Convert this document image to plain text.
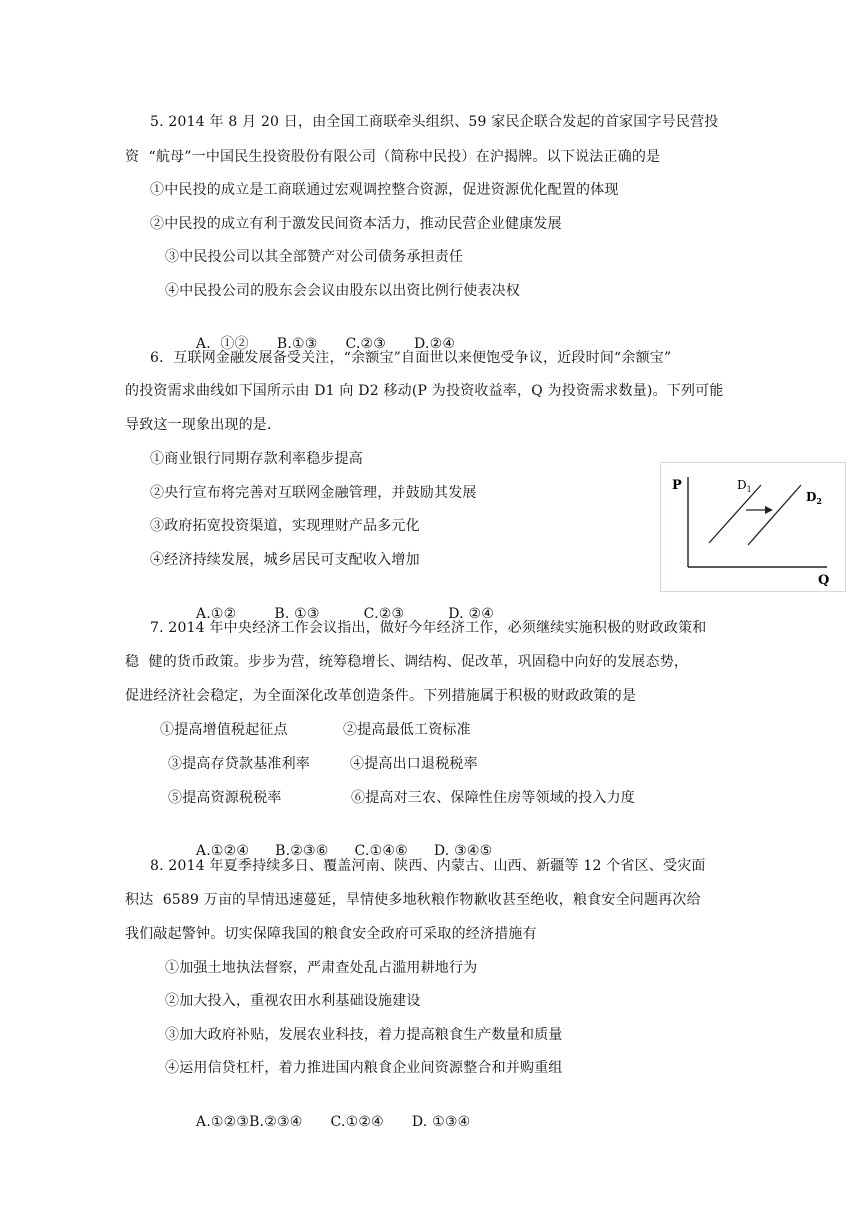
5. 2014 年 8 月 20 日，由全国工商联牵头组织、59 家民企联合发起的首家国字号民营投
资  “航母”一中国民生投资股份有限公司（简称中民投）在沪揭牌。以下说法正确的是
①中民投的成立是工商联通过宏观调控整合资源，促进资源优化配置的体现
②中民投的成立有利于激发民间资本活力，推动民营企业健康发展
③中民投公司以其全部赞产对公司债务承担责任
④中民投公司的股东会会议由股东以出资比例行使表决权

A．①② B.①③ C.②③ D.②④

6．互联网金融发展备受关注，“余额宝”自面世以来便饱受争议，近段时间“余额宝”
的投资需求曲线如下国所示由 D1 向 D2 移动(P 为投资收益率，Q 为投资需求数量)。下列可能
导致这一现象出现的是.
①商业银行同期存款利率稳步提高
②央行宣布将完善对互联网金融管理，并鼓励其发展
③政府拓宽投资渠道，实现理财产品多元化
④经济持续发展，城乡居民可支配收入增加

A.①②	B. ①③	C.②③	D. ②④

P
Q
$D_1$
$D_2$
7. 2014 年中央经济工作会议指出，做好今年经济工作，必须继续实施积极的财政政策和
稳  健的货币政策。步步为营，统筹稳增长、调结构、促改革，巩固稳中向好的发展态势，
促进经济社会稳定，为全面深化改革创造条件。下列措施属于积极的财政政策的是
①提高增值税起征点	②提高最低工资标准
③提高存贷款基准利率	④提高出口退税税率
⑤提高资源税税率	⑥提高对三农、保障性住房等领域的投入力度

A.①②④ B.②③⑥ C.①④⑥ D. ③④⑤

8. 2014 年夏季持续多日、覆盖河南、陕西、内蒙古、山西、新疆等 12 个省区、受灾面
积达  6589 万亩的旱情迅速蔓延，旱情使多地秋粮作物歉收甚至绝收，粮食安全问题再次给
我们敲起警钟。切实保障我国的粮食安全政府可采取的经济措施有
①加强土地执法督察，严肃查处乱占滥用耕地行为
②加大投入，重视农田水利基础设施建设
③加大政府补贴，发展农业科技，着力提高粮食生产数量和质量
④运用信贷杠杆，着力推进国内粮食企业间资源整合和并购重组

A.①②③B.②③④ C.①②④ D. ①③④
